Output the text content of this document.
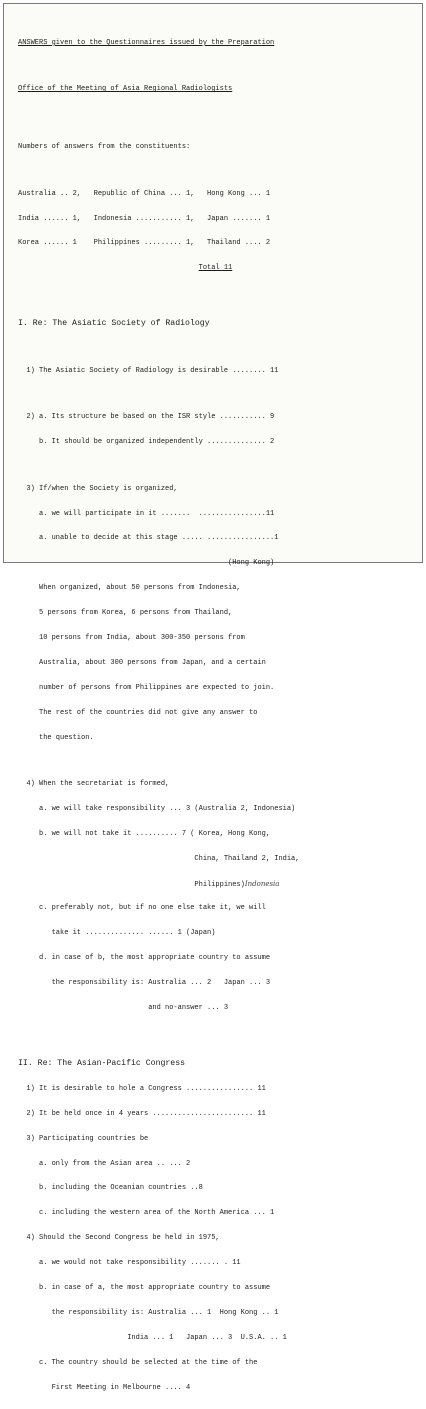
ANSWERS given to the Questionnaires issued by the Preparation

Office of the Meeting of Asia Regional Radiologists

Numbers of answers from the constituents:

Australia .. 2,   Republic of China ... 1,   Hong Kong ... 1

India ...... 1,   Indonesia ........... 1,   Japan ....... 1

Korea ...... 1    Philippines ......... 1,   Thailand .... 2

Total 11

I. Re: The Asiatic Society of Radiology

1) The Asiatic Society of Radiology is desirable ........ 11

2) a. Its structure be based on the ISR style ........... 9

b. It should be organized independently .............. 2

3) If/when the Society is organized,

a. we will participate in it .......  ................11

a. unable to decide at this stage ..... ................1

(Hong Kong)

When organized, about 50 persons from Indonesia,

5 persons from Korea, 6 persons from Thailand,

10 persons from India, about 300-350 persons from

Australia, about 300 persons from Japan, and a certain

number of persons from Philippines are expected to join.

The rest of the countries did not give any answer to

the question.

4) When the secretariat is formed,

a. we will take responsibility ... 3 (Australia 2, Indonesia)

b. we will not take it .......... 7 ( Korea, Hong Kong,

China, Thailand 2, India,

Philippines)Indonesia

c. preferably not, but if no one else take it, we will

take it .............. ...... 1 (Japan)

d. in case of b, the most appropriate country to assume

the responsibility is: Australia ... 2   Japan ... 3

and no-answer ... 3

II. Re: The Asian-Pacific Congress

1) It is desirable to hole a Congress ................ 11

2) It be held once in 4 years ........................ 11

3) Participating countries be

a. only from the Asian area .. ... 2

b. including the Oceanian countries ..8

c. including the western area of the North America ... 1

4) Should the Second Congress be held in 1975,

a. we would not take responsibility ....... . 11

b. in case of a, the most appropriate country to assume

the responsibility is: Australia ... 1  Hong Kong .. 1

India ... 1   Japan ... 3  U.S.A. .. 1

c. The country should be selected at the time of the

First Meeting in Melbourne .... 4
